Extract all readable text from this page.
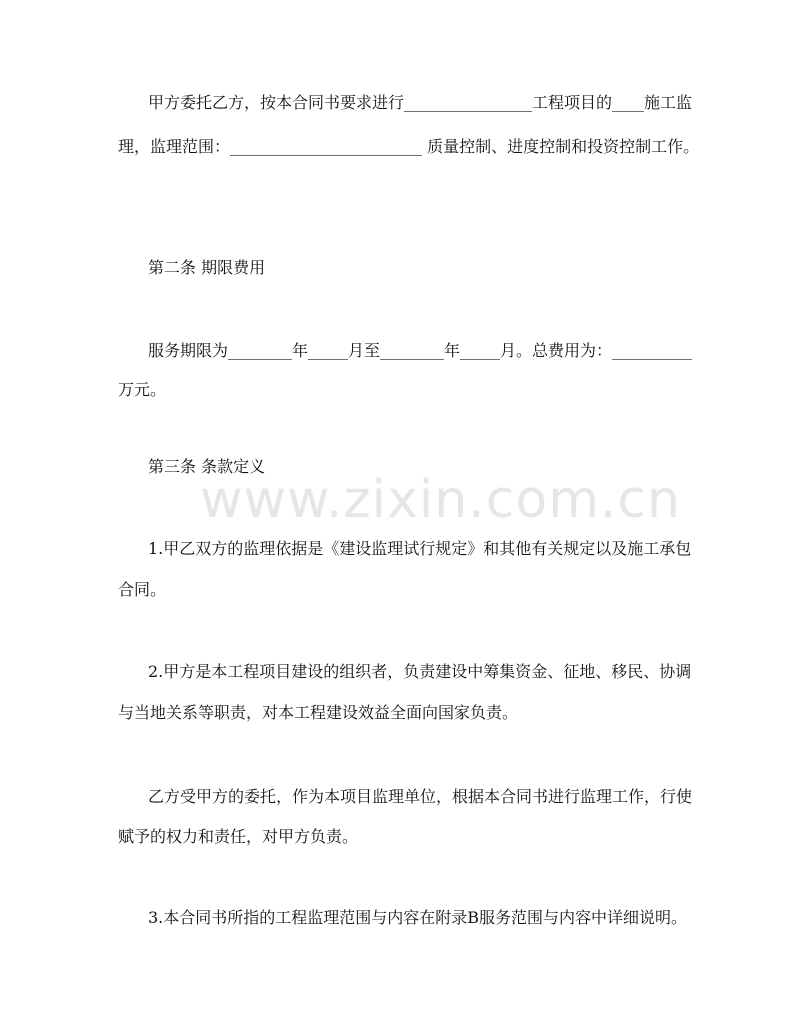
www.zixin.com.cn
甲方委托乙方，按本合同书要求进行________________工程项目的____施工监
理，监理范围：________________________ 质量控制、进度控制和投资控制工作。
第二条 期限费用
服务期限为________年_____月至________年_____月。总费用为：__________
万元。
第三条 条款定义
1.甲乙双方的监理依据是《建设监理试行规定》和其他有关规定以及施工承包
合同。
2.甲方是本工程项目建设的组织者，负责建设中筹集资金、征地、移民、协调
与当地关系等职责，对本工程建设效益全面向国家负责。
乙方受甲方的委托，作为本项目监理单位，根据本合同书进行监理工作，行使
赋予的权力和责任，对甲方负责。
3.本合同书所指的工程监理范围与内容在附录B服务范围与内容中详细说明。
